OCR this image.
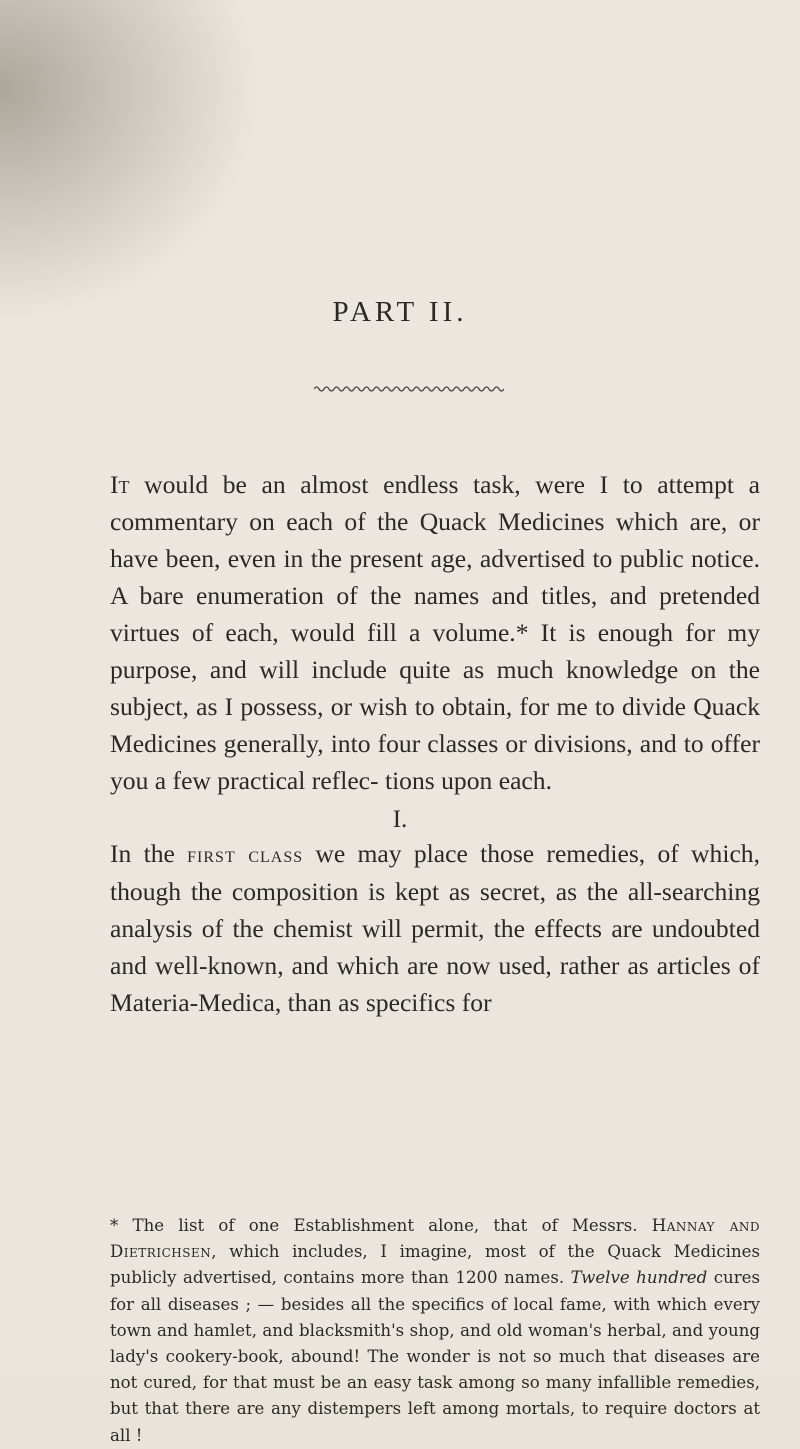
PART II.
It would be an almost endless task, were I to attempt a commentary on each of the Quack Medicines which are, or have been, even in the present age, advertised to public notice. A bare enumeration of the names and titles, and pretended virtues of each, would fill a volume.* It is enough for my purpose, and will include quite as much knowledge on the subject, as I possess, or wish to obtain, for me to divide Quack Medicines generally, into four classes or divisions, and to offer you a few practical reflec- tions upon each.
I.
In the first class we may place those remedies, of which, though the composition is kept as secret, as the all-searching analysis of the chemist will permit, the effects are undoubted and well-known, and which are now used, rather as articles of Materia-Medica, than as specifics for
* The list of one Establishment alone, that of Messrs. Hannay and Dietrichsen, which includes, I imagine, most of the Quack Medicines publicly advertised, contains more than 1200 names. Twelve hundred cures for all diseases ; — besides all the specifics of local fame, with which every town and hamlet, and blacksmith's shop, and old woman's herbal, and young lady's cookery-book, abound! The wonder is not so much that diseases are not cured, for that must be an easy task among so many infallible remedies, but that there are any distempers left among mortals, to require doctors at all !
